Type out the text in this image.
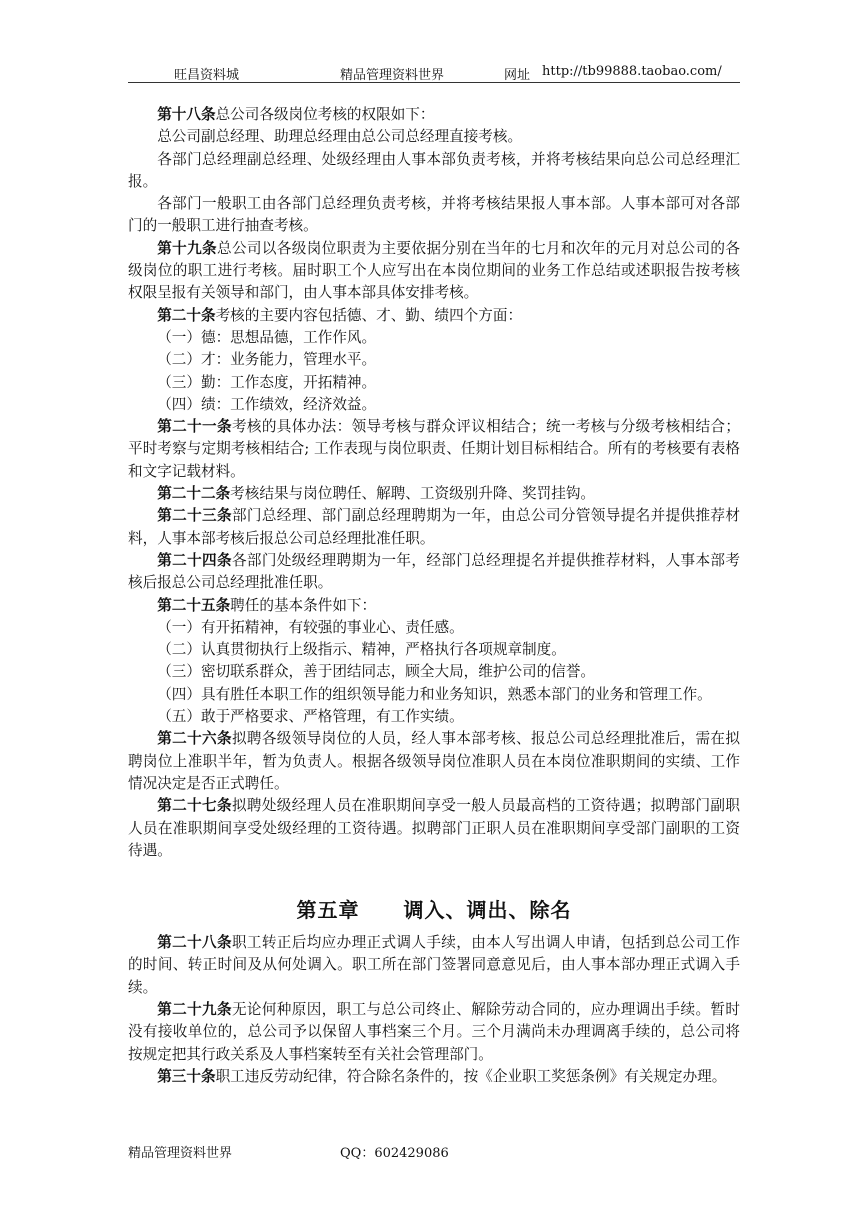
旺昌资料城	精品管理资料世界	网址 http://tb99888.taobao.com/

第十八条总公司各级岗位考核的权限如下：

总公司副总经理、助理总经理由总公司总经理直接考核。

各部门总经理副总经理、处级经理由人事本部负责考核，并将考核结果向总公司总经理汇报。

各部门一般职工由各部门总经理负责考核，并将考核结果报人事本部。人事本部可对各部门的一般职工进行抽查考核。

第十九条总公司以各级岗位职责为主要依据分别在当年的七月和次年的元月对总公司的各级岗位的职工进行考核。届时职工个人应写出在本岗位期间的业务工作总结或述职报告按考核权限呈报有关领导和部门，由人事本部具体安排考核。

第二十条考核的主要内容包括德、才、勤、绩四个方面：

（一）德：思想品德，工作作风。

（二）才：业务能力，管理水平。

（三）勤：工作态度，开拓精神。

（四）绩：工作绩效，经济效益。

第二十一条考核的具体办法：领导考核与群众评议相结合；统一考核与分级考核相结合；平时考察与定期考核相结合; 工作表现与岗位职责、任期计划目标相结合。所有的考核要有表格和文字记载材料。

第二十二条考核结果与岗位聘任、解聘、工资级别升降、奖罚挂钩。

第二十三条部门总经理、部门副总经理聘期为一年，由总公司分管领导提名并提供推荐材料，人事本部考核后报总公司总经理批准任职。

第二十四条各部门处级经理聘期为一年，经部门总经理提名并提供推荐材料，人事本部考核后报总公司总经理批准任职。

第二十五条聘任的基本条件如下：

（一）有开拓精神，有较强的事业心、责任感。

（二）认真贯彻执行上级指示、精神，严格执行各项规章制度。

（三）密切联系群众，善于团结同志，顾全大局，维护公司的信誉。

（四）具有胜任本职工作的组织领导能力和业务知识，熟悉本部门的业务和管理工作。

（五）敢于严格要求、严格管理，有工作实绩。

第二十六条拟聘各级领导岗位的人员，经人事本部考核、报总公司总经理批准后，需在拟聘岗位上准职半年，暂为负责人。根据各级领导岗位准职人员在本岗位准职期间的实绩、工作情况决定是否正式聘任。

第二十七条拟聘处级经理人员在准职期间享受一般人员最高档的工资待遇；拟聘部门副职人员在准职期间享受处级经理的工资待遇。拟聘部门正职人员在准职期间享受部门副职的工资待遇。

第五章 调入、调出、除名

第二十八条职工转正后均应办理正式调人手续，由本人写出调人申请，包括到总公司工作的时间、转正时间及从何处调入。职工所在部门签署同意意见后，由人事本部办理正式调入手续。

第二十九条无论何种原因，职工与总公司终止、解除劳动合同的，应办理调出手续。暂时没有接收单位的，总公司予以保留人事档案三个月。三个月满尚未办理调离手续的，总公司将按规定把其行政关系及人事档案转至有关社会管理部门。

第三十条职工违反劳动纪律，符合除名条件的，按《企业职工奖惩条例》有关规定办理。

精品管理资料世界	QQ：602429086
